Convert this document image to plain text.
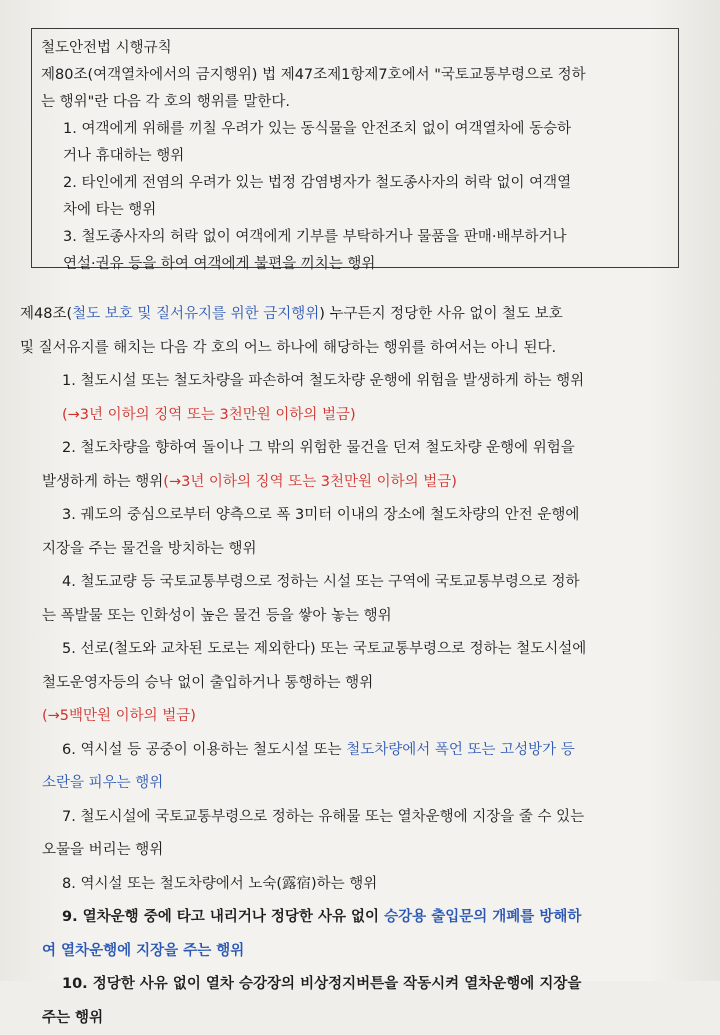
철도안전법 시행규칙

제80조(여객열차에서의 금지행위) 법 제47조제1항제7호에서 "국토교통부령으로 정하

는 행위"란 다음 각 호의 행위를 말한다.

1. 여객에게 위해를 끼칠 우려가 있는 동식물을 안전조치 없이 여객열차에 동승하

거나 휴대하는 행위

2. 타인에게 전염의 우려가 있는 법정 감염병자가 철도종사자의 허락 없이 여객열

차에 타는 행위

3. 철도종사자의 허락 없이 여객에게 기부를 부탁하거나 물품을 판매·배부하거나

연설·권유 등을 하여 여객에게 불편을 끼치는 행위

제48조(철도 보호 및 질서유지를 위한 금지행위) 누구든지 정당한 사유 없이 철도 보호

및 질서유지를 해치는 다음 각 호의 어느 하나에 해당하는 행위를 하여서는 아니 된다.

1. 철도시설 또는 철도차량을 파손하여 철도차량 운행에 위험을 발생하게 하는 행위

(→3년 이하의 징역 또는 3천만원 이하의 벌금)

2. 철도차량을 향하여 돌이나 그 밖의 위험한 물건을 던져 철도차량 운행에 위험을

발생하게 하는 행위(→3년 이하의 징역 또는 3천만원 이하의 벌금)

3. 궤도의 중심으로부터 양측으로 폭 3미터 이내의 장소에 철도차량의 안전 운행에

지장을 주는 물건을 방치하는 행위

4. 철도교량 등 국토교통부령으로 정하는 시설 또는 구역에 국토교통부령으로 정하

는 폭발물 또는 인화성이 높은 물건 등을 쌓아 놓는 행위

5. 선로(철도와 교차된 도로는 제외한다) 또는 국토교통부령으로 정하는 철도시설에

철도운영자등의 승낙 없이 출입하거나 통행하는 행위

(→5백만원 이하의 벌금)

6. 역시설 등 공중이 이용하는 철도시설 또는 철도차량에서 폭언 또는 고성방가 등

소란을 피우는 행위

7. 철도시설에 국토교통부령으로 정하는 유해물 또는 열차운행에 지장을 줄 수 있는

오물을 버리는 행위

8. 역시설 또는 철도차량에서 노숙(露宿)하는 행위

9. 열차운행 중에 타고 내리거나 정당한 사유 없이 승강용 출입문의 개폐를 방해하

여 열차운행에 지장을 주는 행위

10. 정당한 사유 없이 열차 승강장의 비상정지버튼을 작동시켜 열차운행에 지장을

주는 행위
